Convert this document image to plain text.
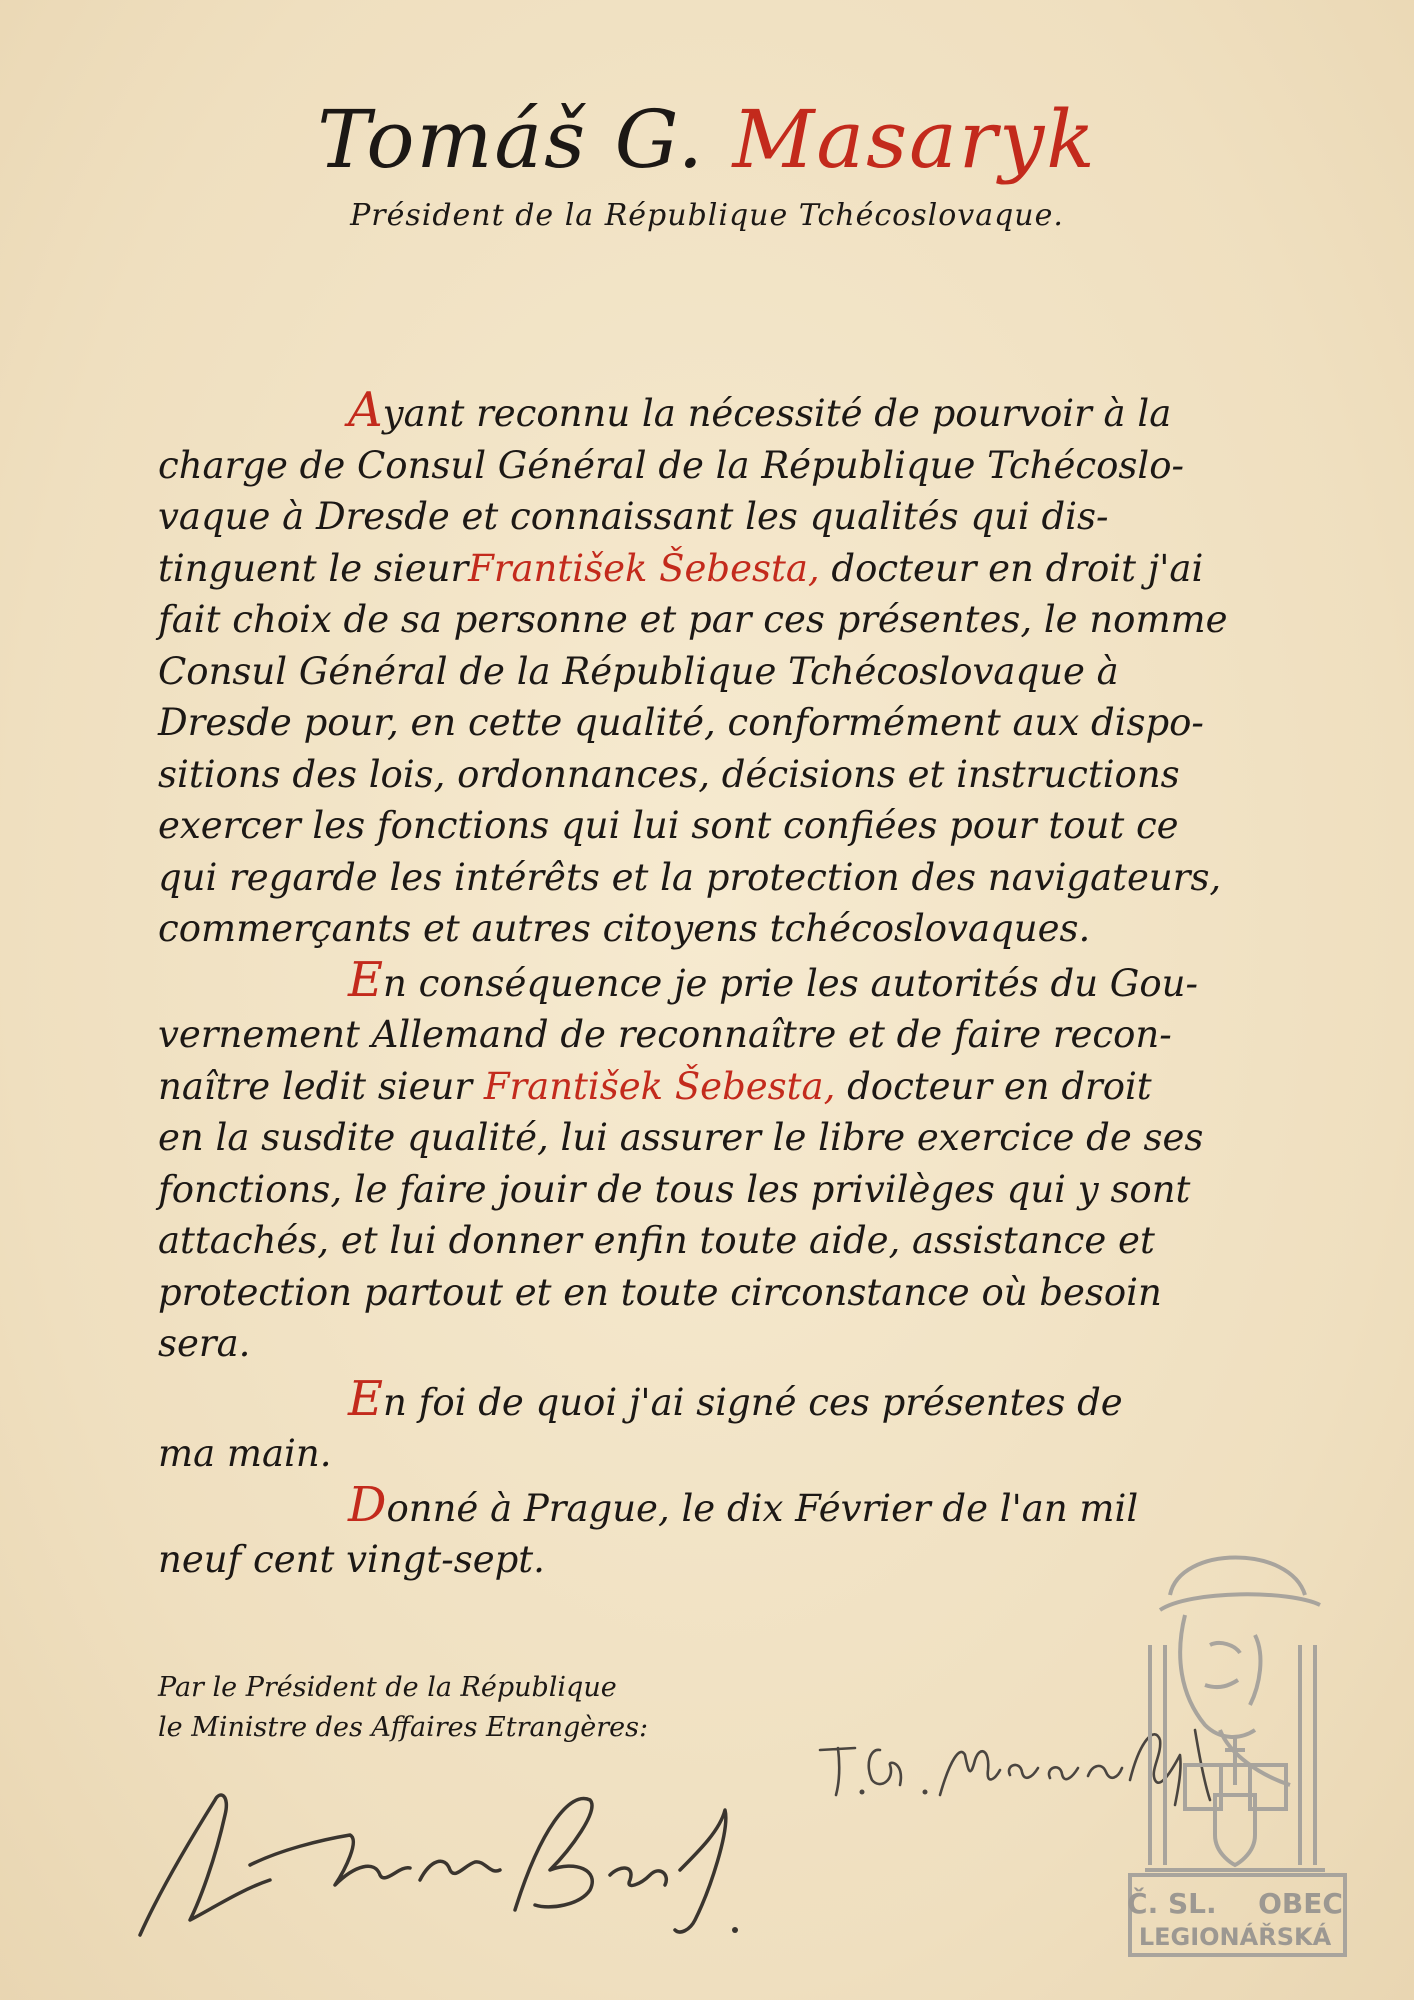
Tomáš G. Masaryk
Président de la République Tchécoslovaque.

Ayant reconnu la nécessité de pourvoir à la
charge de Consul Général de la République Tchécoslo-
vaque à Dresde et connaissant les qualités qui dis-
tinguent le sieurFrantišek Šebesta, docteur en droit j'ai
fait choix de sa personne et par ces présentes, le nomme
Consul Général de la République Tchécoslovaque à
Dresde pour, en cette qualité, conformément aux dispo-
sitions des lois, ordonnances, décisions et instructions
exercer les fonctions qui lui sont confiées pour tout ce
qui regarde les intérêts et la protection des navigateurs,
commerçants et autres citoyens tchécoslovaques.

En conséquence je prie les autorités du Gou-
vernement Allemand de reconnaître et de faire recon-
naître ledit sieur František Šebesta, docteur en droit
en la susdite qualité, lui assurer le libre exercice de ses
fonctions, le faire jouir de tous les privilèges qui y sont
attachés, et lui donner enfin toute aide, assistance et
protection partout et en toute circonstance où besoin
sera.

En foi de quoi j'ai signé ces présentes de
ma main.

Donné à Prague, le dix Février de l'an mil
neuf cent vingt-sept.

Par le Président de la République
le Ministre des Affaires Etrangères:
Č. SL. OBEC
LEGIONÁŘSKÁ
